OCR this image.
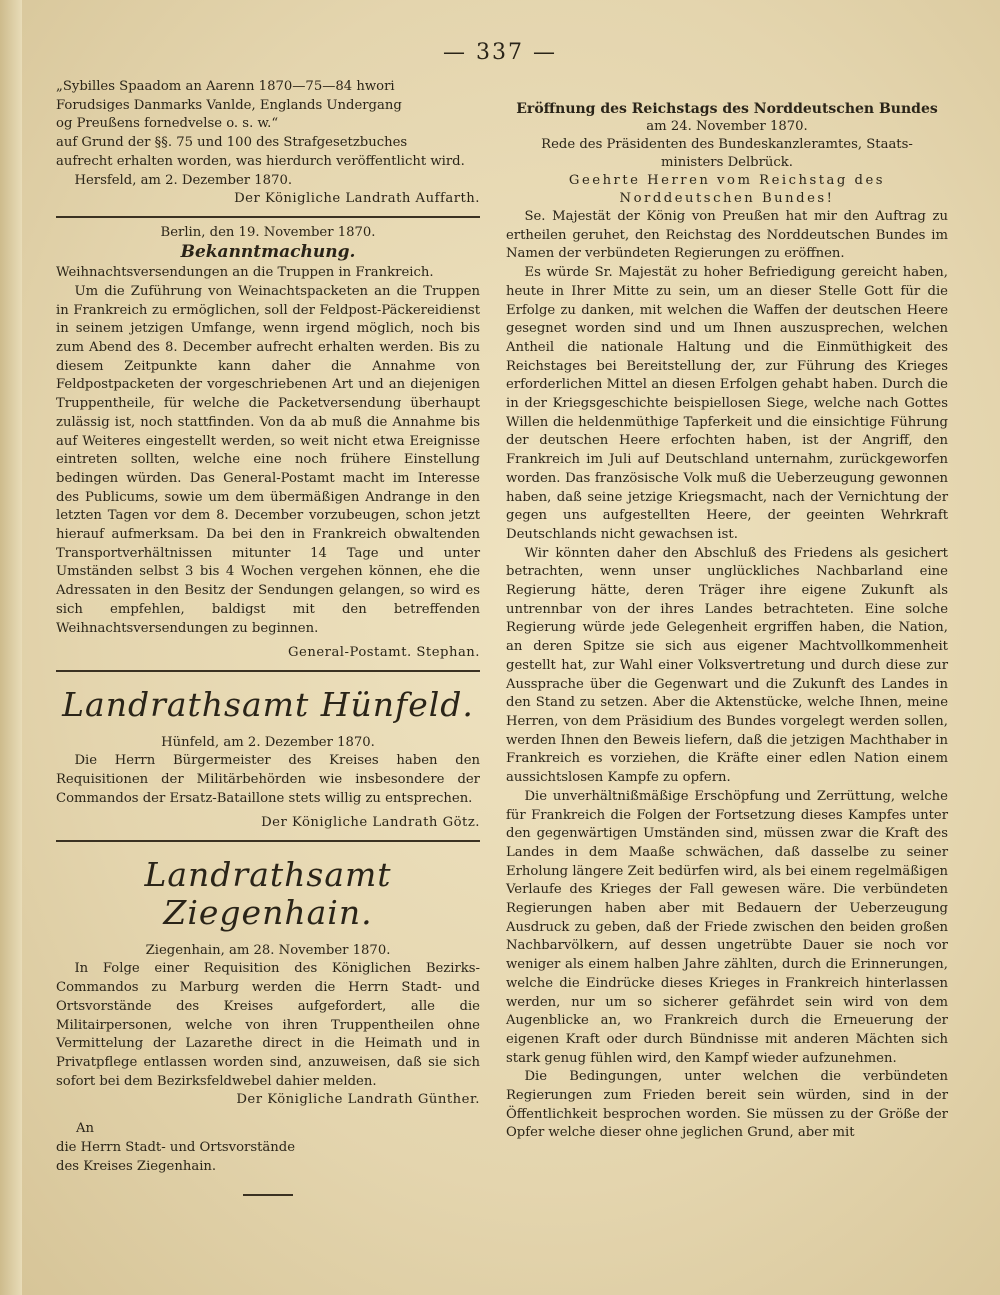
— 337 —

„Sybilles Spaadom an Aarenn 1870—75—84 hwori

Forudsiges Danmarks Vanlde, Englands Undergang

og Preußens fornedvelse o. s. w.“

auf Grund der §§. 75 und 100 des Strafgesetzbuches

aufrecht erhalten worden, was hierdurch veröffentlicht wird.

Hersfeld, am 2. Dezember 1870.

Der Königliche Landrath Auffarth.

Berlin, den 19. November 1870.

Bekanntmachung.

Weihnachtsversendungen an die Truppen in Frankreich.

Um die Zuführung von Weinachtspacketen an die Truppen in Frankreich zu ermöglichen, soll der Feldpost-Päckereidienst in seinem jetzigen Umfange, wenn irgend möglich, noch bis zum Abend des 8. December aufrecht erhalten werden. Bis zu diesem Zeitpunkte kann daher die Annahme von Feldpostpacketen der vorgeschriebenen Art und an diejenigen Truppentheile, für welche die Packetversendung überhaupt zulässig ist, noch stattfinden. Von da ab muß die Annahme bis auf Weiteres eingestellt werden, so weit nicht etwa Ereignisse eintreten sollten, welche eine noch frühere Einstellung bedingen würden. Das General-Postamt macht im Interesse des Publicums, sowie um dem übermäßigen Andrange in den letzten Tagen vor dem 8. December vorzubeugen, schon jetzt hierauf aufmerksam. Da bei den in Frankreich obwaltenden Transportverhältnissen mitunter 14 Tage und unter Umständen selbst 3 bis 4 Wochen vergehen können, ehe die Adressaten in den Besitz der Sendungen gelangen, so wird es sich empfehlen, baldigst mit den betreffenden Weihnachtsversendungen zu beginnen.

General-Postamt. Stephan.

Landrathsamt Hünfeld.

Hünfeld, am 2. Dezember 1870.

Die Herrn Bürgermeister des Kreises haben den Requisitionen der Militärbehörden wie insbesondere der Commandos der Ersatz-Bataillone stets willig zu entsprechen.

Der Königliche Landrath Götz.

Landrathsamt Ziegenhain.

Ziegenhain, am 28. November 1870.

In Folge einer Requisition des Königlichen Bezirks-Commandos zu Marburg werden die Herrn Stadt- und Ortsvorstände des Kreises aufgefordert, alle die Militairpersonen, welche von ihren Truppentheilen ohne Vermittelung der Lazarethe direct in die Heimath und in Privatpflege entlassen worden sind, anzuweisen, daß sie sich sofort bei dem Bezirksfeldwebel dahier melden.

Der Königliche Landrath Günther.

An

die Herrn Stadt- und Ortsvorstände

des Kreises Ziegenhain.

Eröffnung des Reichstags des Norddeutschen Bundes

am 24. November 1870.

Rede des Präsidenten des Bundeskanzleramtes, Staats-

ministers Delbrück.

Geehrte Herren vom Reichstag des

Norddeutschen Bundes!

Se. Majestät der König von Preußen hat mir den Auftrag zu ertheilen geruhet, den Reichstag des Norddeutschen Bundes im Namen der verbündeten Regierungen zu eröffnen.

Es würde Sr. Majestät zu hoher Befriedigung gereicht haben, heute in Ihrer Mitte zu sein, um an dieser Stelle Gott für die Erfolge zu danken, mit welchen die Waffen der deutschen Heere gesegnet worden sind und um Ihnen auszusprechen, welchen Antheil die nationale Haltung und die Einmüthigkeit des Reichstages bei Bereitstellung der, zur Führung des Krieges erforderlichen Mittel an diesen Erfolgen gehabt haben. Durch die in der Kriegsgeschichte beispiellosen Siege, welche nach Gottes Willen die heldenmüthige Tapferkeit und die einsichtige Führung der deutschen Heere erfochten haben, ist der Angriff, den Frankreich im Juli auf Deutschland unternahm, zurückgeworfen worden. Das französische Volk muß die Ueberzeugung gewonnen haben, daß seine jetzige Kriegsmacht, nach der Vernichtung der gegen uns aufgestellten Heere, der geeinten Wehrkraft Deutschlands nicht gewachsen ist.

Wir könnten daher den Abschluß des Friedens als gesichert betrachten, wenn unser unglückliches Nachbarland eine Regierung hätte, deren Träger ihre eigene Zukunft als untrennbar von der ihres Landes betrachteten. Eine solche Regierung würde jede Gelegenheit ergriffen haben, die Nation, an deren Spitze sie sich aus eigener Machtvollkommenheit gestellt hat, zur Wahl einer Volksvertretung und durch diese zur Aussprache über die Gegenwart und die Zukunft des Landes in den Stand zu setzen. Aber die Aktenstücke, welche Ihnen, meine Herren, von dem Präsidium des Bundes vorgelegt werden sollen, werden Ihnen den Beweis liefern, daß die jetzigen Machthaber in Frankreich es vorziehen, die Kräfte einer edlen Nation einem aussichtslosen Kampfe zu opfern.

Die unverhältnißmäßige Erschöpfung und Zerrüttung, welche für Frankreich die Folgen der Fortsetzung dieses Kampfes unter den gegenwärtigen Umständen sind, müssen zwar die Kraft des Landes in dem Maaße schwächen, daß dasselbe zu seiner Erholung längere Zeit bedürfen wird, als bei einem regelmäßigen Verlaufe des Krieges der Fall gewesen wäre. Die verbündeten Regierungen haben aber mit Bedauern der Ueberzeugung Ausdruck zu geben, daß der Friede zwischen den beiden großen Nachbarvölkern, auf dessen ungetrübte Dauer sie noch vor weniger als einem halben Jahre zählten, durch die Erinnerungen, welche die Eindrücke dieses Krieges in Frankreich hinterlassen werden, nur um so sicherer gefährdet sein wird von dem Augenblicke an, wo Frankreich durch die Erneuerung der eigenen Kraft oder durch Bündnisse mit anderen Mächten sich stark genug fühlen wird, den Kampf wieder aufzunehmen.

Die Bedingungen, unter welchen die verbündeten Regierungen zum Frieden bereit sein würden, sind in der Öffentlichkeit besprochen worden. Sie müssen zu der Größe der Opfer welche dieser ohne jeglichen Grund, aber mit
